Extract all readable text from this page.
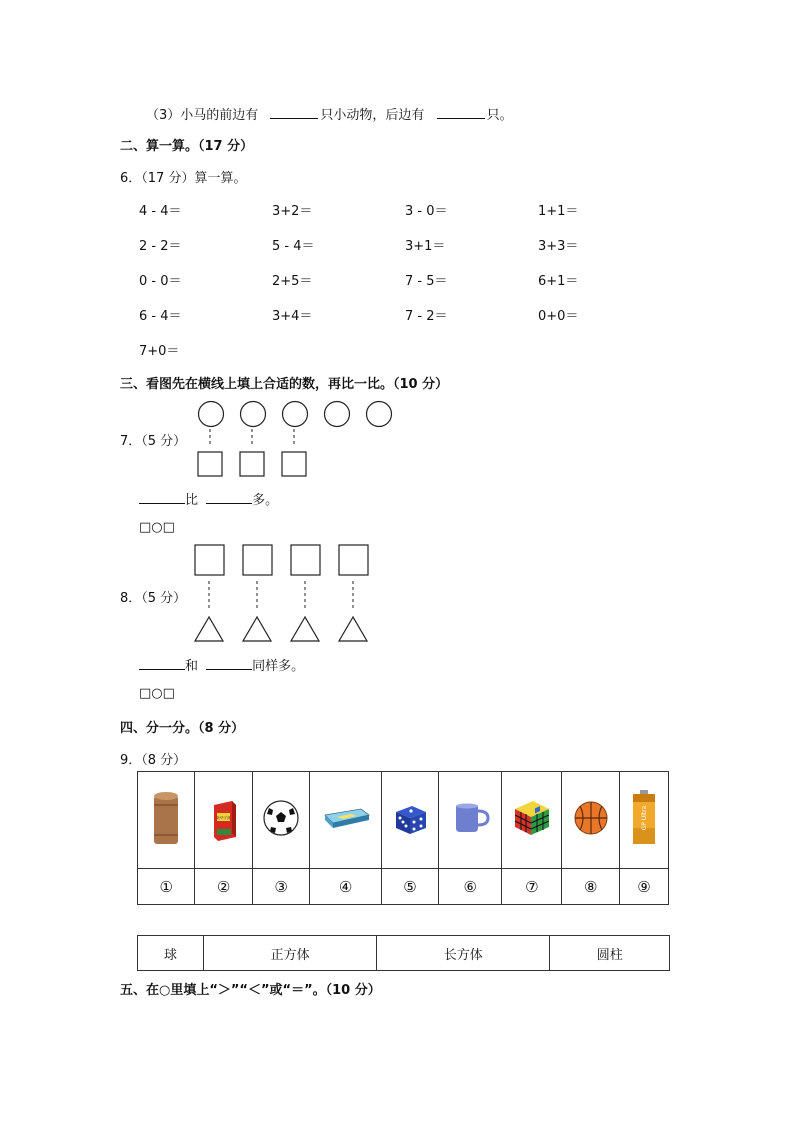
（3）小马的前边有	只小动物，后边有	只。
二、算一算。（17 分）
6．（17 分）算一算。
4 - 4＝	3+2＝	3 - 0＝	1+1＝
2 - 2＝	5 - 4＝	3+1＝	3+3＝
0 - 0＝	2+5＝	7 - 5＝	6+1＝
6 - 4＝	3+4＝	7 - 2＝	0+0＝
7+0＝
三、看图先在横线上填上合适的数，再比一比。（10 分）
7．（5 分）
比	多。
□○□
8．（5 分）
和	同样多。
□○□
四、分一分。（8 分）
9．（8 分）

新华字典							GP Ultra

①	②	③	④	⑤	⑥	⑦	⑧	⑨
球	正方体	长方体	圆柱
五、在○里填上“＞”“＜”或“＝”。（10 分）
